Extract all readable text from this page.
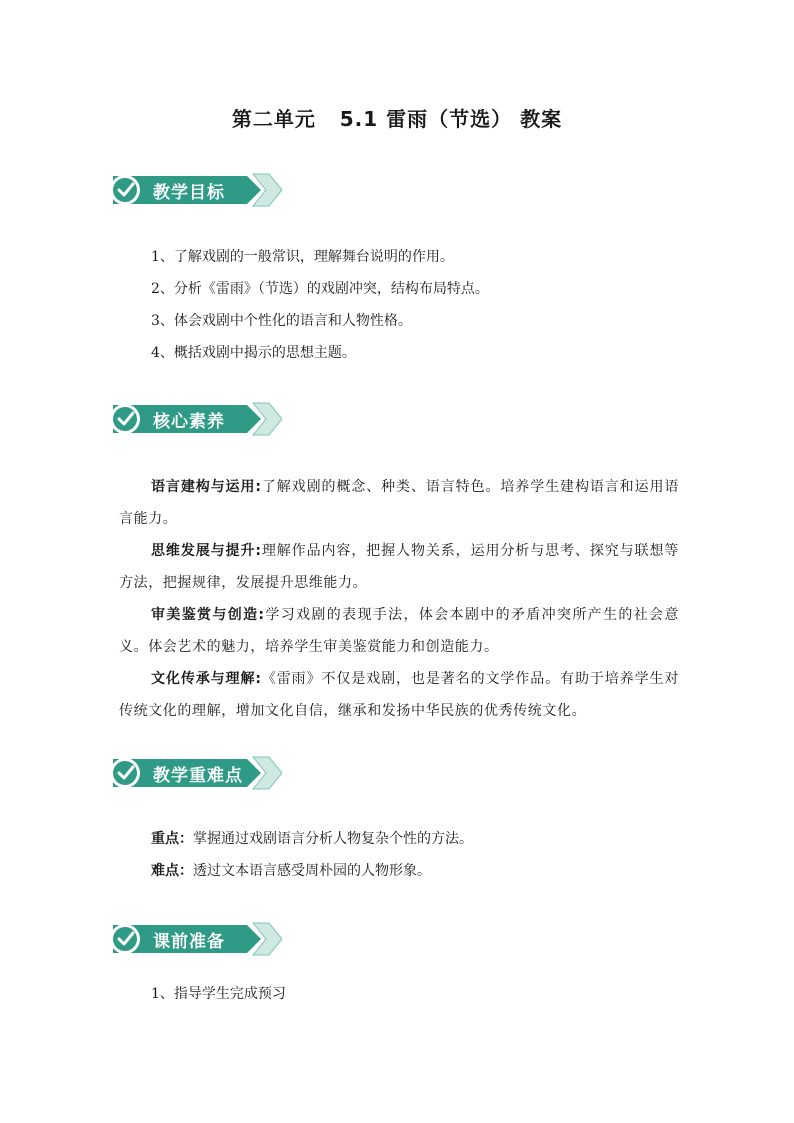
第二单元   5.1 雷雨（节选） 教案
教学目标
1、了解戏剧的一般常识，理解舞台说明的作用。
2、分析《雷雨》（节选）的戏剧冲突，结构布局特点。
3、体会戏剧中个性化的语言和人物性格。
4、概括戏剧中揭示的思想主题。
核心素养
语言建构与运用:了解戏剧的概念、种类、语言特色。培养学生建构语言和运用语言能力。
思维发展与提升:理解作品内容，把握人物关系，运用分析与思考、探究与联想等方法，把握规律，发展提升思维能力。
审美鉴赏与创造:学习戏剧的表现手法，体会本剧中的矛盾冲突所产生的社会意义。体会艺术的魅力，培养学生审美鉴赏能力和创造能力。
文化传承与理解:《雷雨》不仅是戏剧，也是著名的文学作品。有助于培养学生对传统文化的理解，增加文化自信，继承和发扬中华民族的优秀传统文化。
教学重难点
重点：掌握通过戏剧语言分析人物复杂个性的方法。
难点：透过文本语言感受周朴园的人物形象。
课前准备
1、指导学生完成预习
